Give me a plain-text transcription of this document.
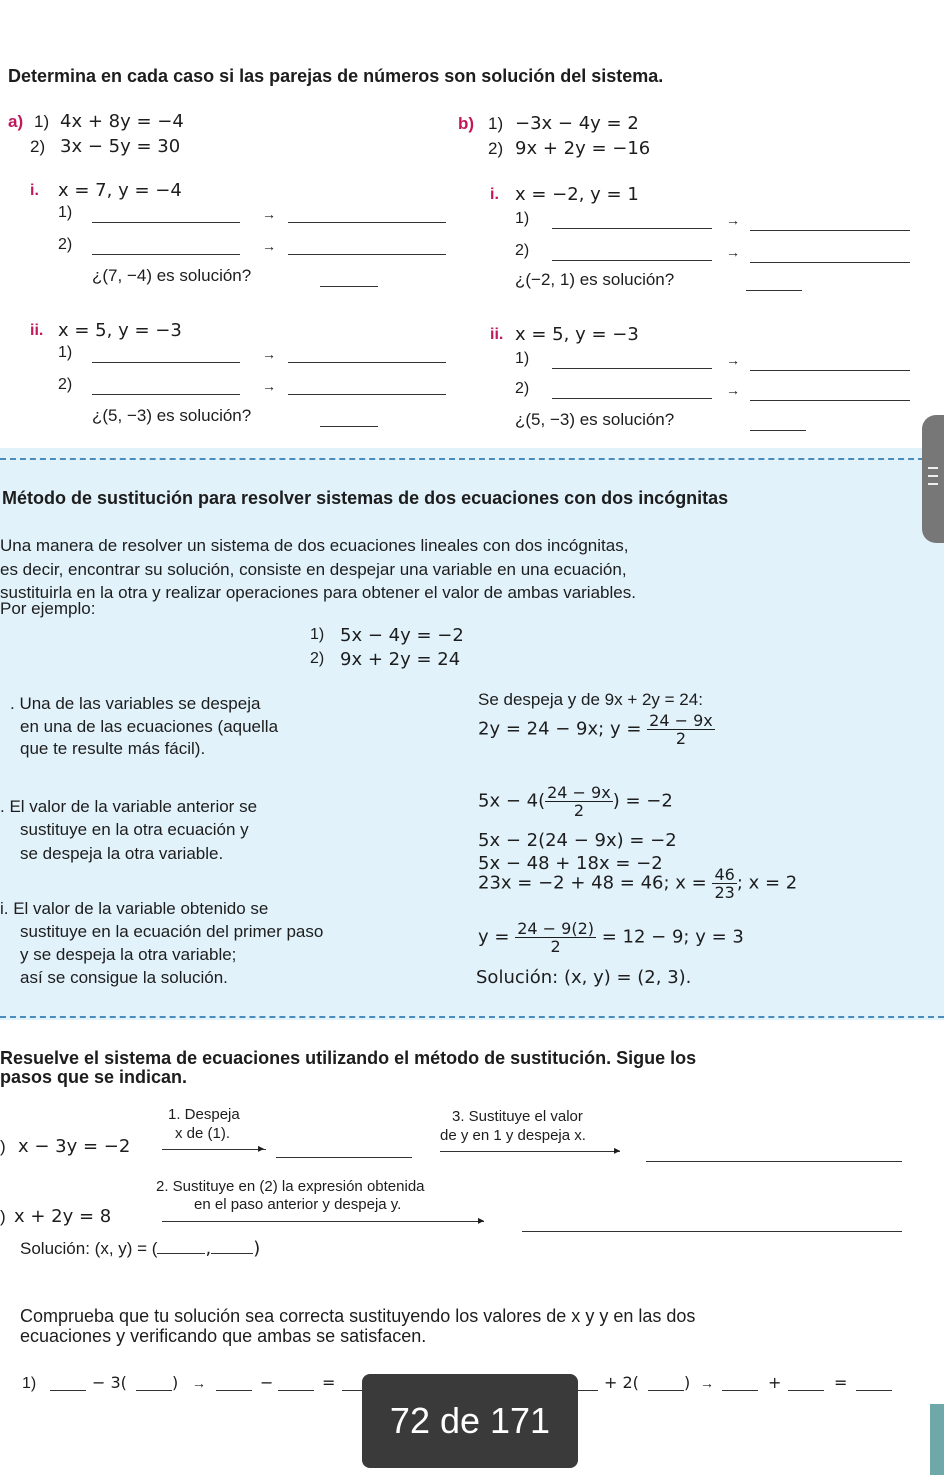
Determina en cada caso si las parejas de números son solución del sistema.
a) 1) 4x + 8y = −4
2) 3x − 5y = 30
b) 1) −3x − 4y = 2
2) 9x + 2y = −16
i. x = 7, y = −4
1)	→
2)	→
¿(7, −4) es solución?
i. x = −2, y = 1
1)	→
2)	→
¿(−2, 1) es solución?
ii. x = 5, y = −3
1)	→
2)	→
¿(5, −3) es solución?
ii. x = 5, y = −3
1)	→
2)	→
¿(5, −3) es solución?
Método de sustitución para resolver sistemas de dos ecuaciones con dos incógnitas
Una manera de resolver un sistema de dos ecuaciones lineales con dos incógnitas,
es decir, encontrar su solución, consiste en despejar una variable en una ecuación,
sustituirla en la otra y realizar operaciones para obtener el valor de ambas variables.
Por ejemplo:
1) 5x − 4y = −2
2) 9x + 2y = 24
. Una de las variables se despeja
en una de las ecuaciones (aquella
que te resulte más fácil).
Se despeja y de 9x + 2y = 24:
2y = 24 − 9x; $y = \frac{24 - 9x}{2}$
. El valor de la variable anterior se
sustituye en la otra ecuación y
se despeja la otra variable.
$5x - 4( \frac{24 - 9x}{2}$ ) = −2
5x − 2(24 − 9x) = −2
5x − 48 + 18x = −2
23x = −2 + 48 = 46; $x = \frac{46}{23}$ ; x = 2
i. El valor de la variable obtenido se
sustituye en la ecuación del primer paso
y se despeja la otra variable;
así se consigue la solución.
$y = \frac{24 - 9(2)}{2} = 12 - 9$; y = 3
Solución: (x, y) = (2, 3).
Resuelve el sistema de ecuaciones utilizando el método de sustitución. Sigue los
pasos que se indican.
) x − 3y = −2
1. Despeja
x de (1).
▸
3. Sustituye el valor
de y en 1 y despeja x.
▸
) x + 2y = 8
2. Sustituye en (2) la expresión obtenida
en el paso anterior y despeja y.
▸
Solución: (x, y) = (	, )
Comprueba que tu solución sea correcta sustituyendo los valores de x y y en las dos
ecuaciones y verificando que ambas se satisfacen.
1)	− 3(	) →	−	=	+ 2(	) →	+	=
72 de 171
